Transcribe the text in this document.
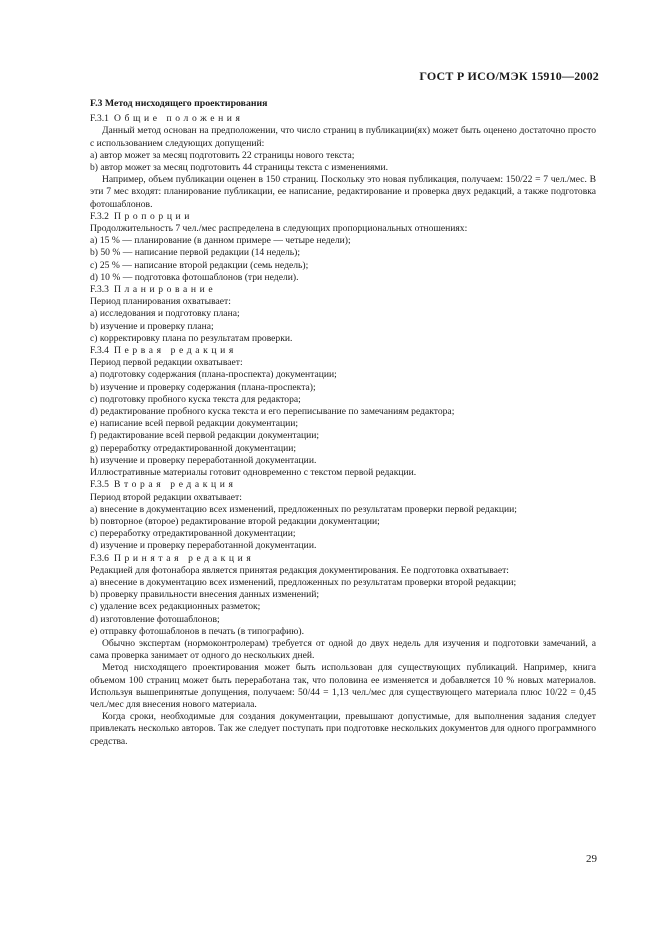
ГОСТ Р ИСО/МЭК 15910—2002
F.3 Метод нисходящего проектирования
F.3.1 Общие положения
Данный метод основан на предположении, что число страниц в публикации(ях) может быть оценено достаточно просто с использованием следующих допущений:
a) автор может за месяц подготовить 22 страницы нового текста;
b) автор может за месяц подготовить 44 страницы текста с изменениями.
Например, объем публикации оценен в 150 страниц. Поскольку это новая публикация, получаем: 150/22 = 7 чел./мес. В эти 7 мес входят: планирование публикации, ее написание, редактирование и проверка двух редакций, а также подготовка фотошаблонов.
F.3.2 Пропорции
Продолжительность 7 чел./мес распределена в следующих пропорциональных отношениях:
a) 15 % — планирование (в данном примере — четыре недели);
b) 50 % — написание первой редакции (14 недель);
c) 25 % — написание второй редакции (семь недель);
d) 10 % — подготовка фотошаблонов (три недели).
F.3.3 Планирование
Период планирования охватывает:
a) исследования и подготовку плана;
b) изучение и проверку плана;
c) корректировку плана по результатам проверки.
F.3.4 Первая редакция
Период первой редакции охватывает:
a) подготовку содержания (плана-проспекта) документации;
b) изучение и проверку содержания (плана-проспекта);
c) подготовку пробного куска текста для редактора;
d) редактирование пробного куска текста и его переписывание по замечаниям редактора;
e) написание всей первой редакции документации;
f) редактирование всей первой редакции документации;
g) переработку отредактированной документации;
h) изучение и проверку переработанной документации.
Иллюстративные материалы готовит одновременно с текстом первой редакции.
F.3.5 Вторая редакция
Период второй редакции охватывает:
a) внесение в документацию всех изменений, предложенных по результатам проверки первой редакции;
b) повторное (второе) редактирование второй редакции документации;
c) переработку отредактированной документации;
d) изучение и проверку переработанной документации.
F.3.6 Принятая редакция
Редакцией для фотонабора является принятая редакция документирования. Ее подготовка охватывает:
a) внесение в документацию всех изменений, предложенных по результатам проверки второй редакции;
b) проверку правильности внесения данных изменений;
c) удаление всех редакционных разметок;
d) изготовление фотошаблонов;
e) отправку фотошаблонов в печать (в типографию).
Обычно экспертам (нормоконтролерам) требуется от одной до двух недель для изучения и подготовки замечаний, а сама проверка занимает от одного до нескольких дней.
Метод нисходящего проектирования может быть использован для существующих публикаций. Например, книга объемом 100 страниц может быть переработана так, что половина ее изменяется и добавляется 10 % новых материалов. Используя вышепринятые допущения, получаем: 50/44 = 1,13 чел./мес для существующего материала плюс 10/22 = 0,45 чел./мес для внесения нового материала.
Когда сроки, необходимые для создания документации, превышают допустимые, для выполнения задания следует привлекать несколько авторов. Так же следует поступать при подготовке нескольких документов для одного программного средства.
29
